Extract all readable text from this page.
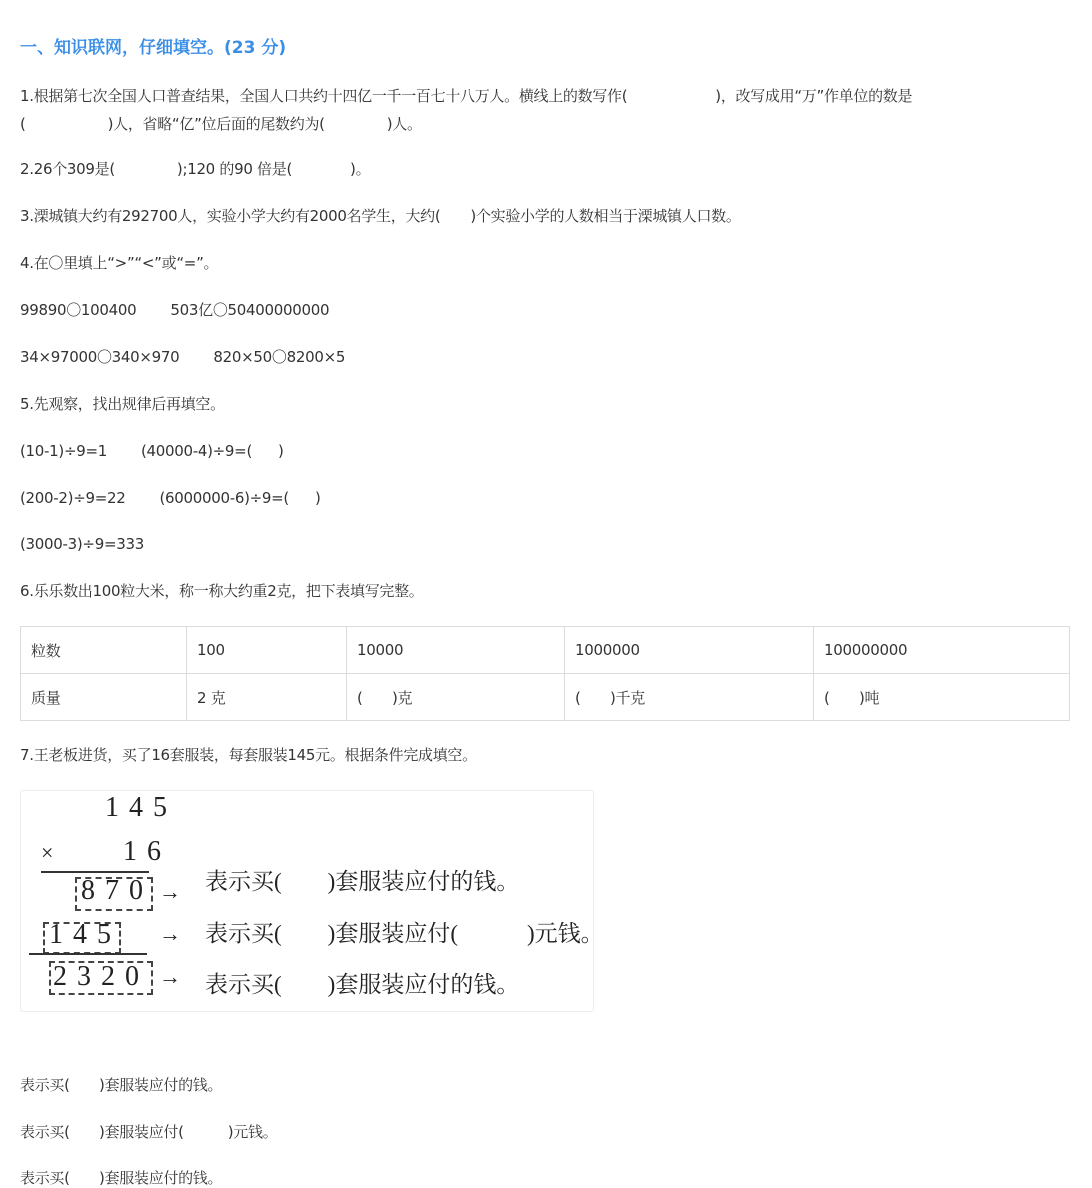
一、知识联网，仔细填空。(23 分)
1.根据第七次全国人口普查结果，全国人口共约十四亿一千一百七十八万人。横线上的数写作(	)，改写成用“万”作单位的数是
(	)人，省略“亿”位后面的尾数约为(	)人。
2.26个309是(	);120 的90 倍是(	)。
3.溧城镇大约有292700人，实验小学大约有2000名学生，大约( )个实验小学的人数相当于溧城镇人口数。
4.在〇里填上“>”“<”或“=”。
99890〇100400 503亿〇50400000000
34×97000〇340×970 820×50〇8200×5
5.先观察，找出规律后再填空。
(10-1)÷9=1 (40000-4)÷9=( )
(200-2)÷9=22 (6000000-6)÷9=( )
(3000-3)÷9=333
6.乐乐数出100粒大米，称一称大约重2克，把下表填写完整。
粒数	100	10000	1000000	100000000
质量	2 克	(　　)克	(　　)千克	(　　)吨
7.王老板进货，买了16套服装，每套服装145元。根据条件完成填空。
145
× 16
870 → 表示买(　　)套服装应付的钱。
145 → 表示买(　　)套服装应付(　　　)元钱。
2320 → 表示买(　　)套服装应付的钱。
表示买(　　)套服装应付的钱。
表示买(　　)套服装应付(　　　)元钱。
表示买(　　)套服装应付的钱。
